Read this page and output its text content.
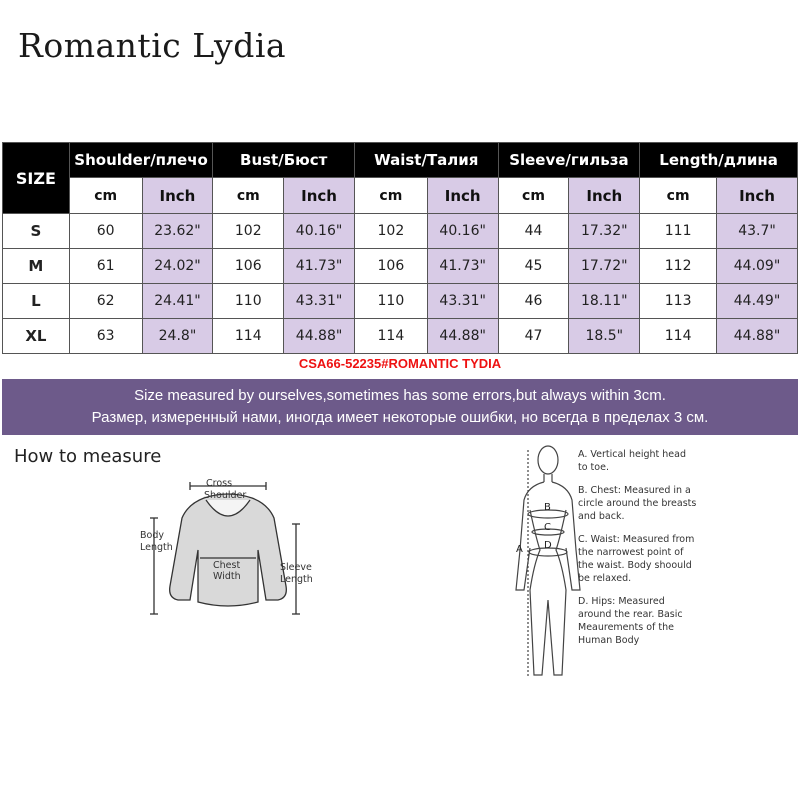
Romantic Lydia
SIZE	Shoulder/плечо		Bust/Бюст		Waist/Талия		Sleeve/гильза		Length/длина	
	cm	Inch	cm	Inch	cm	Inch	cm	Inch	cm	Inch
S	60	23.62"	102	40.16"	102	40.16"	44	17.32"	111	43.7"
M	61	24.02"	106	41.73"	106	41.73"	45	17.72"	112	44.09"
L	62	24.41"	110	43.31"	110	43.31"	46	18.11"	113	44.49"
XL	63	24.8"	114	44.88"	114	44.88"	47	18.5"	114	44.88"
CSA66-52235#ROMANTIC TYDIA
Size measured by ourselves,sometimes has some errors,but always within 3cm.
Размер, измеренный нами, иногда имеет некоторые ошибки, но всегда в пределах 3 см.
How to measure
Cross
Shoulder
Body
Length
Chest
Width
Sleeve
Length
A
B
C
D

A. Vertical height head to toe.

B. Chest: Measured in a circle around the breasts and back.

C. Waist: Measured from the narrowest point of the waist. Body shoould be relaxed.

D. Hips: Measured around the rear. Basic Meaurements of the Human Body
